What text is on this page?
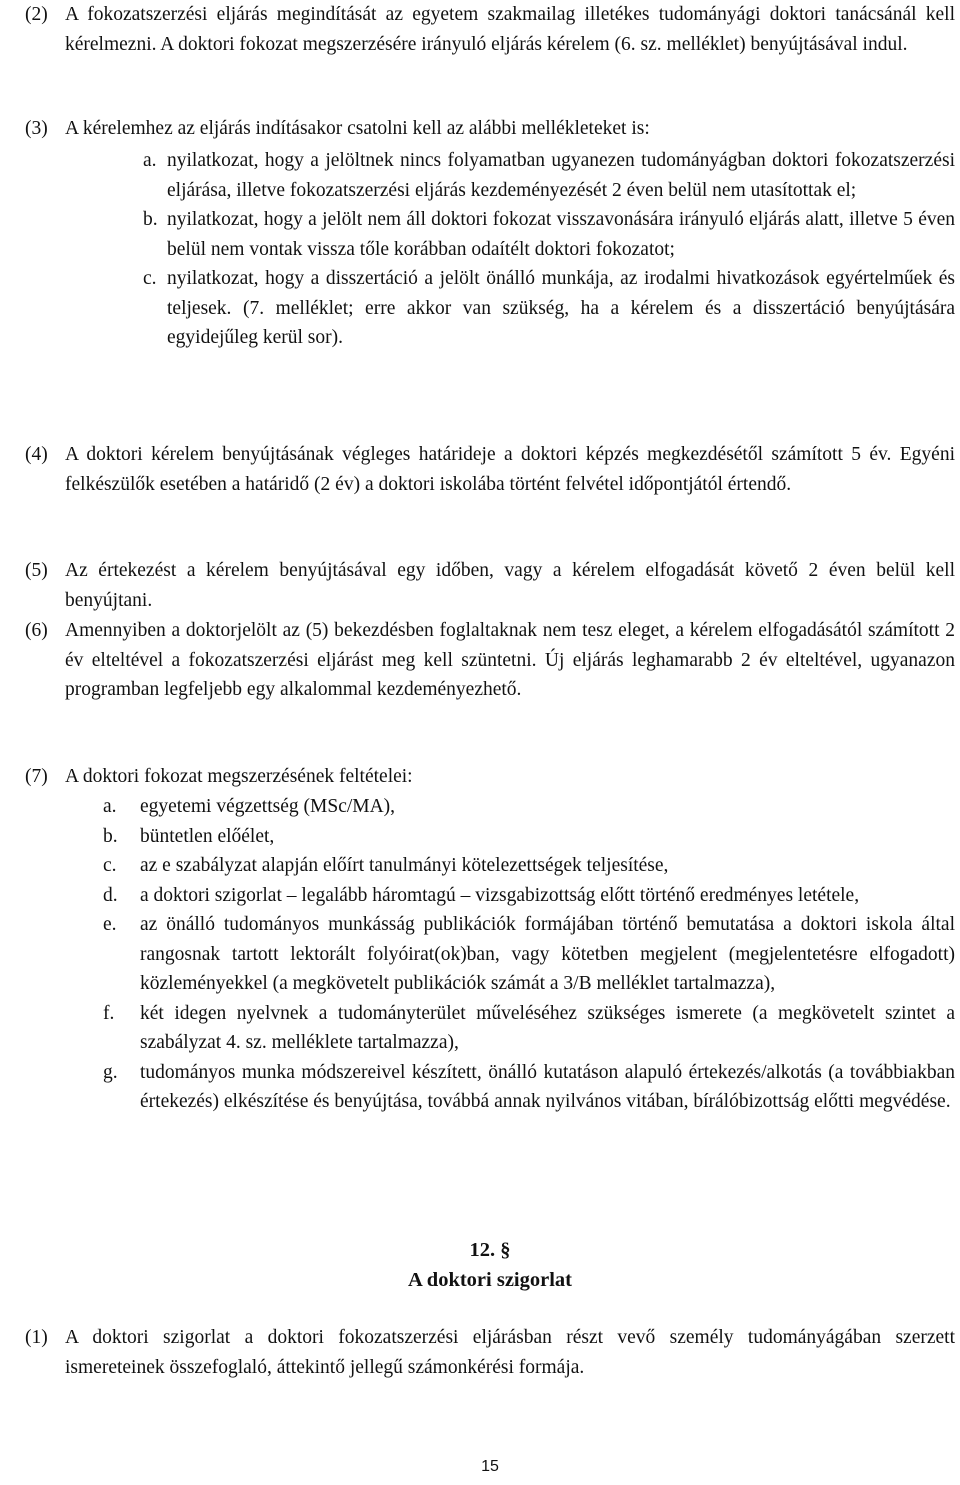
(2) A fokozatszerzési eljárás megindítását az egyetem szakmailag illetékes tudományági doktori tanácsánál kell kérelmezni. A doktori fokozat megszerzésére irányuló eljárás kérelem (6. sz. melléklet) benyújtásával indul.
(3) A kérelemhez az eljárás indításakor csatolni kell az alábbi mellékleteket is:
a. nyilatkozat, hogy a jelöltnek nincs folyamatban ugyanezen tudományágban doktori fokozatszerzési eljárása, illetve fokozatszerzési eljárás kezdeményezését 2 éven belül nem utasítottak el;
b. nyilatkozat, hogy a jelölt nem áll doktori fokozat visszavonására irányuló eljárás alatt, illetve 5 éven belül nem vontak vissza tőle korábban odaítélt doktori fokozatot;
c. nyilatkozat, hogy a disszertáció a jelölt önálló munkája, az irodalmi hivatkozások egyértelműek és teljesek. (7. melléklet; erre akkor van szükség, ha a kérelem és a disszertáció benyújtására egyidejűleg kerül sor).
(4) A doktori kérelem benyújtásának végleges határideje a doktori képzés megkezdésétől számított 5 év. Egyéni felkészülők esetében a határidő (2 év) a doktori iskolába történt felvétel időpontjától értendő.
(5) Az értekezést a kérelem benyújtásával egy időben, vagy a kérelem elfogadását követő 2 éven belül kell benyújtani.
(6) Amennyiben a doktorjelölt az (5) bekezdésben foglaltaknak nem tesz eleget, a kérelem elfogadásától számított 2 év elteltével a fokozatszerzési eljárást meg kell szüntetni. Új eljárás leghamarabb 2 év elteltével, ugyanazon programban legfeljebb egy alkalommal kezdeményezhető.
(7) A doktori fokozat megszerzésének feltételei:
a.	egyetemi végzettség (MSc/MA),
b.	büntetlen előélet,
c.	az e szabályzat alapján előírt tanulmányi kötelezettségek teljesítése,
d.	a doktori szigorlat – legalább háromtagú – vizsgabizottság előtt történő eredményes letétele,
e.	az önálló tudományos munkásság publikációk formájában történő bemutatása a doktori iskola által rangosnak tartott lektorált folyóirat(ok)ban, vagy kötetben megjelent (megjelentetésre elfogadott) közleményekkel (a megkövetelt publikációk számát a 3/B melléklet tartalmazza),
f.	két idegen nyelvnek a tudományterület műveléséhez szükséges ismerete (a megkövetelt szintet a szabályzat 4. sz. melléklete tartalmazza),
g.	tudományos munka módszereivel készített, önálló kutatáson alapuló értekezés/alkotás (a továbbiakban értekezés) elkészítése és benyújtása, továbbá annak nyilvános vitában, bírálóbizottság előtti megvédése.
12. §
A doktori szigorlat
(1) A doktori szigorlat a doktori fokozatszerzési eljárásban részt vevő személy tudományágában szerzett ismereteinek összefoglaló, áttekintő jellegű számonkérési formája.
15
